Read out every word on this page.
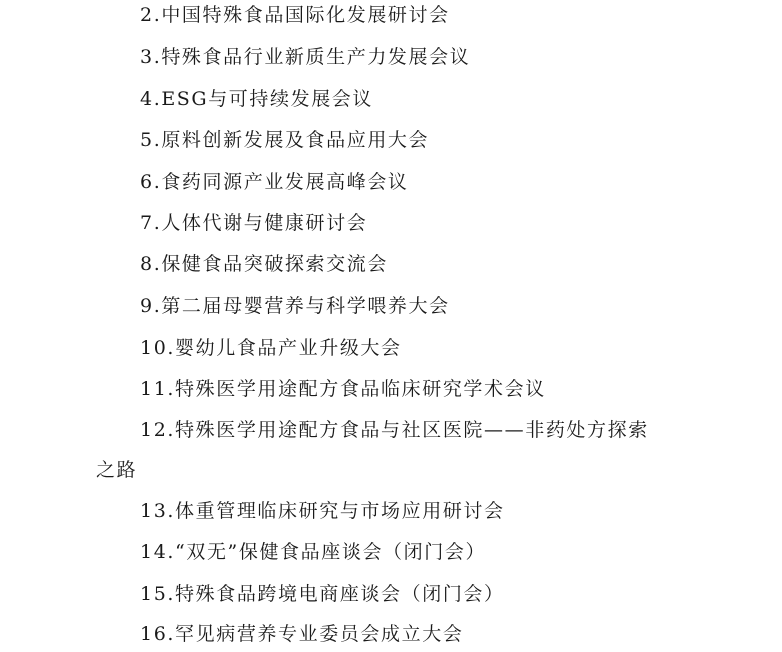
2.中国特殊食品国际化发展研讨会
3.特殊食品行业新质生产力发展会议
4.ESG与可持续发展会议
5.原料创新发展及食品应用大会
6.食药同源产业发展高峰会议
7.人体代谢与健康研讨会
8.保健食品突破探索交流会
9.第二届母婴营养与科学喂养大会
10.婴幼儿食品产业升级大会
11.特殊医学用途配方食品临床研究学术会议
12.特殊医学用途配方食品与社区医院——非药处方探索
之路
13.体重管理临床研究与市场应用研讨会
14.“双无”保健食品座谈会（闭门会）
15.特殊食品跨境电商座谈会（闭门会）
16.罕见病营养专业委员会成立大会
